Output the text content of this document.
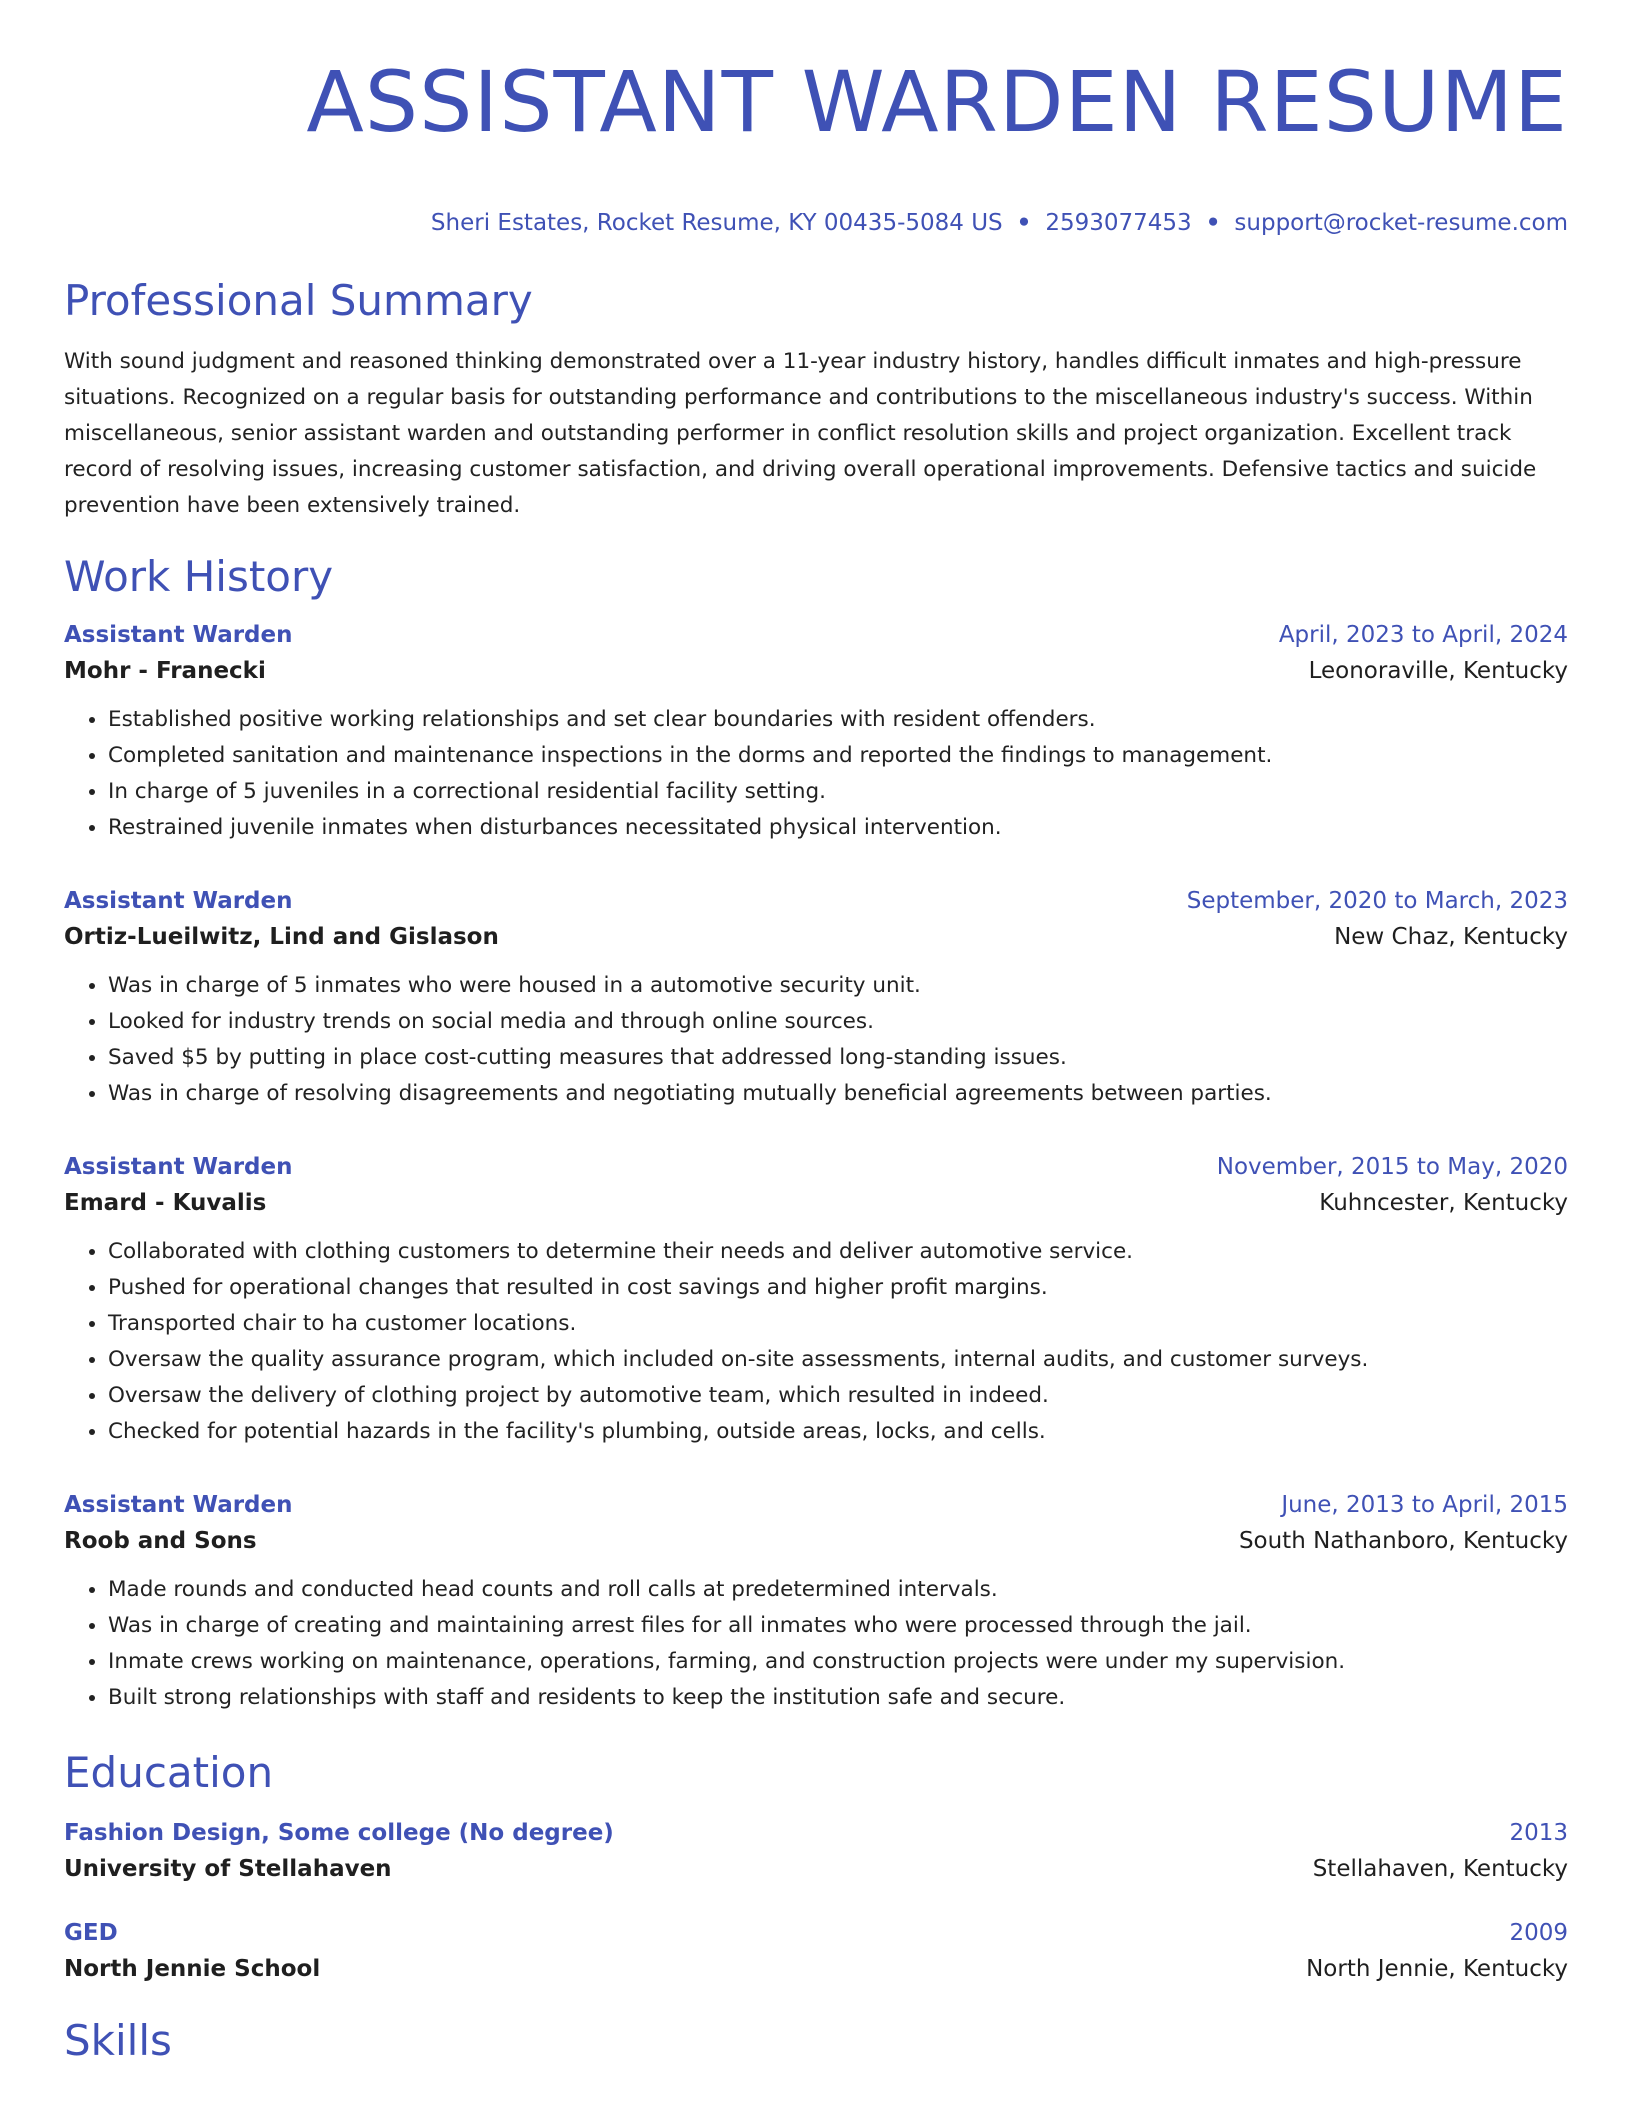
ASSISTANT WARDEN RESUME
Sheri Estates, Rocket Resume, KY 00435-5084 US • 2593077453 • support@rocket-resume.com
Professional Summary

With sound judgment and reasoned thinking demonstrated over a 11-year industry history, handles difficult inmates and high-pressure situations. Recognized on a regular basis for outstanding performance and contributions to the miscellaneous industry's success. Within miscellaneous, senior assistant warden and outstanding performer in conflict resolution skills and project organization. Excellent track record of resolving issues, increasing customer satisfaction, and driving overall operational improvements. Defensive tactics and suicide prevention have been extensively trained.

Work History
Assistant Warden	April, 2023 to April, 2024
Mohr - Franecki	Leonoraville, Kentucky
• Established positive working relationships and set clear boundaries with resident offenders.
• Completed sanitation and maintenance inspections in the dorms and reported the findings to management.
• In charge of 5 juveniles in a correctional residential facility setting.
• Restrained juvenile inmates when disturbances necessitated physical intervention.
Assistant Warden	September, 2020 to March, 2023
Ortiz-Lueilwitz, Lind and Gislason	New Chaz, Kentucky
• Was in charge of 5 inmates who were housed in a automotive security unit.
• Looked for industry trends on social media and through online sources.
• Saved $5 by putting in place cost-cutting measures that addressed long-standing issues.
• Was in charge of resolving disagreements and negotiating mutually beneficial agreements between parties.
Assistant Warden	November, 2015 to May, 2020
Emard - Kuvalis	Kuhncester, Kentucky
• Collaborated with clothing customers to determine their needs and deliver automotive service.
• Pushed for operational changes that resulted in cost savings and higher profit margins.
• Transported chair to ha customer locations.
• Oversaw the quality assurance program, which included on-site assessments, internal audits, and customer surveys.
• Oversaw the delivery of clothing project by automotive team, which resulted in indeed.
• Checked for potential hazards in the facility's plumbing, outside areas, locks, and cells.
Assistant Warden	June, 2013 to April, 2015
Roob and Sons	South Nathanboro, Kentucky
• Made rounds and conducted head counts and roll calls at predetermined intervals.
• Was in charge of creating and maintaining arrest files for all inmates who were processed through the jail.
• Inmate crews working on maintenance, operations, farming, and construction projects were under my supervision.
• Built strong relationships with staff and residents to keep the institution safe and secure.
Education
Fashion Design, Some college (No degree)	2013
University of Stellahaven	Stellahaven, Kentucky
GED	2009
North Jennie School	North Jennie, Kentucky
Skills
